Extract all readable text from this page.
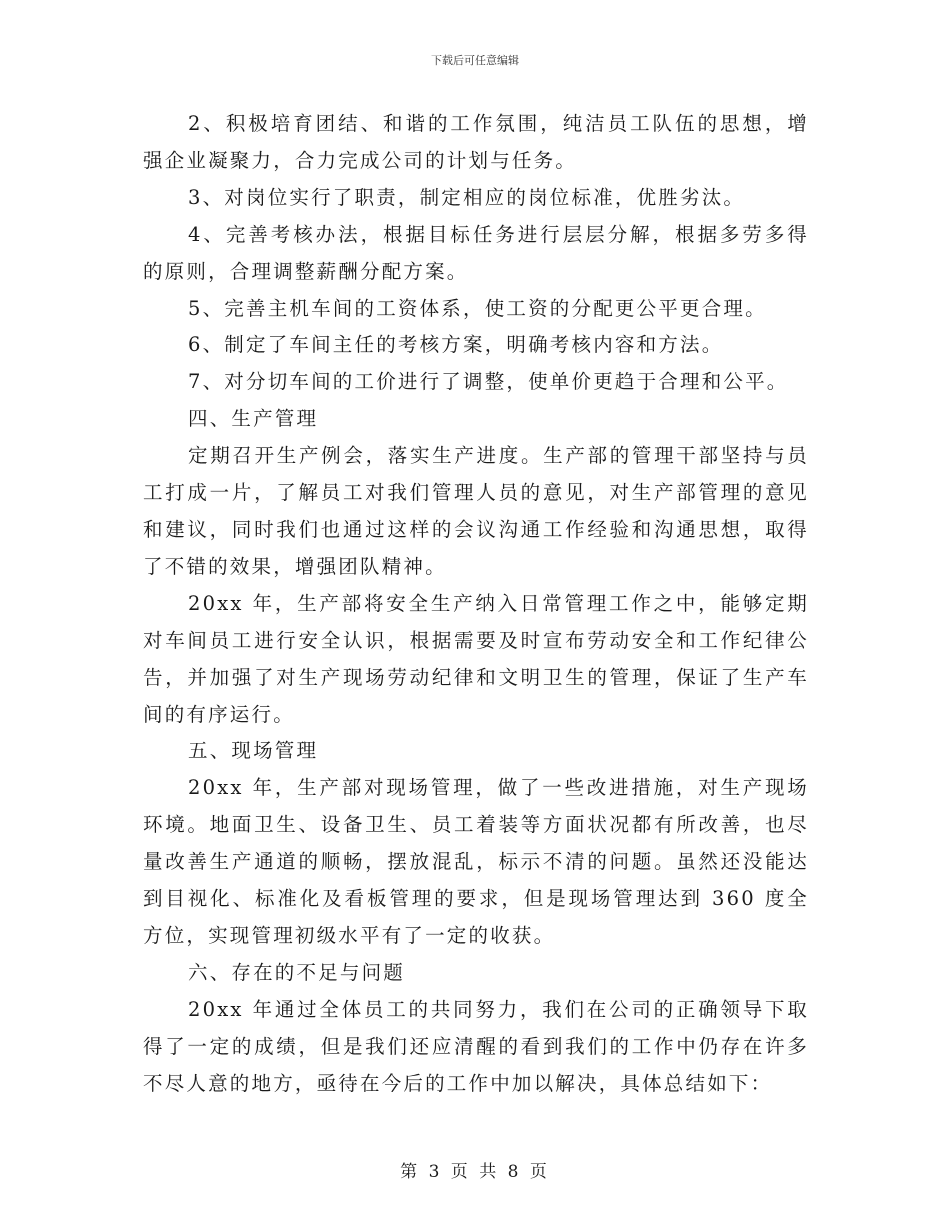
下载后可任意编辑

2、积极培育团结、和谐的工作氛围，纯洁员工队伍的思想，增强企业凝聚力，合力完成公司的计划与任务。

3、对岗位实行了职责，制定相应的岗位标准，优胜劣汰。

4、完善考核办法，根据目标任务进行层层分解，根据多劳多得的原则，合理调整薪酬分配方案。

5、完善主机车间的工资体系，使工资的分配更公平更合理。

6、制定了车间主任的考核方案，明确考核内容和方法。

7、对分切车间的工价进行了调整，使单价更趋于合理和公平。

四、生产管理

定期召开生产例会，落实生产进度。生产部的管理干部坚持与员工打成一片，了解员工对我们管理人员的意见，对生产部管理的意见和建议，同时我们也通过这样的会议沟通工作经验和沟通思想，取得了不错的效果，增强团队精神。

20xx 年，生产部将安全生产纳入日常管理工作之中，能够定期对车间员工进行安全认识，根据需要及时宣布劳动安全和工作纪律公告，并加强了对生产现场劳动纪律和文明卫生的管理，保证了生产车间的有序运行。

五、现场管理

20xx 年，生产部对现场管理，做了一些改进措施，对生产现场环境。地面卫生、设备卫生、员工着装等方面状况都有所改善，也尽量改善生产通道的顺畅，摆放混乱，标示不清的问题。虽然还没能达到目视化、标准化及看板管理的要求，但是现场管理达到 360 度全方位，实现管理初级水平有了一定的收获。

六、存在的不足与问题

20xx 年通过全体员工的共同努力，我们在公司的正确领导下取得了一定的成绩，但是我们还应清醒的看到我们的工作中仍存在许多不尽人意的地方，亟待在今后的工作中加以解决，具体总结如下：

第 3 页 共 8 页
